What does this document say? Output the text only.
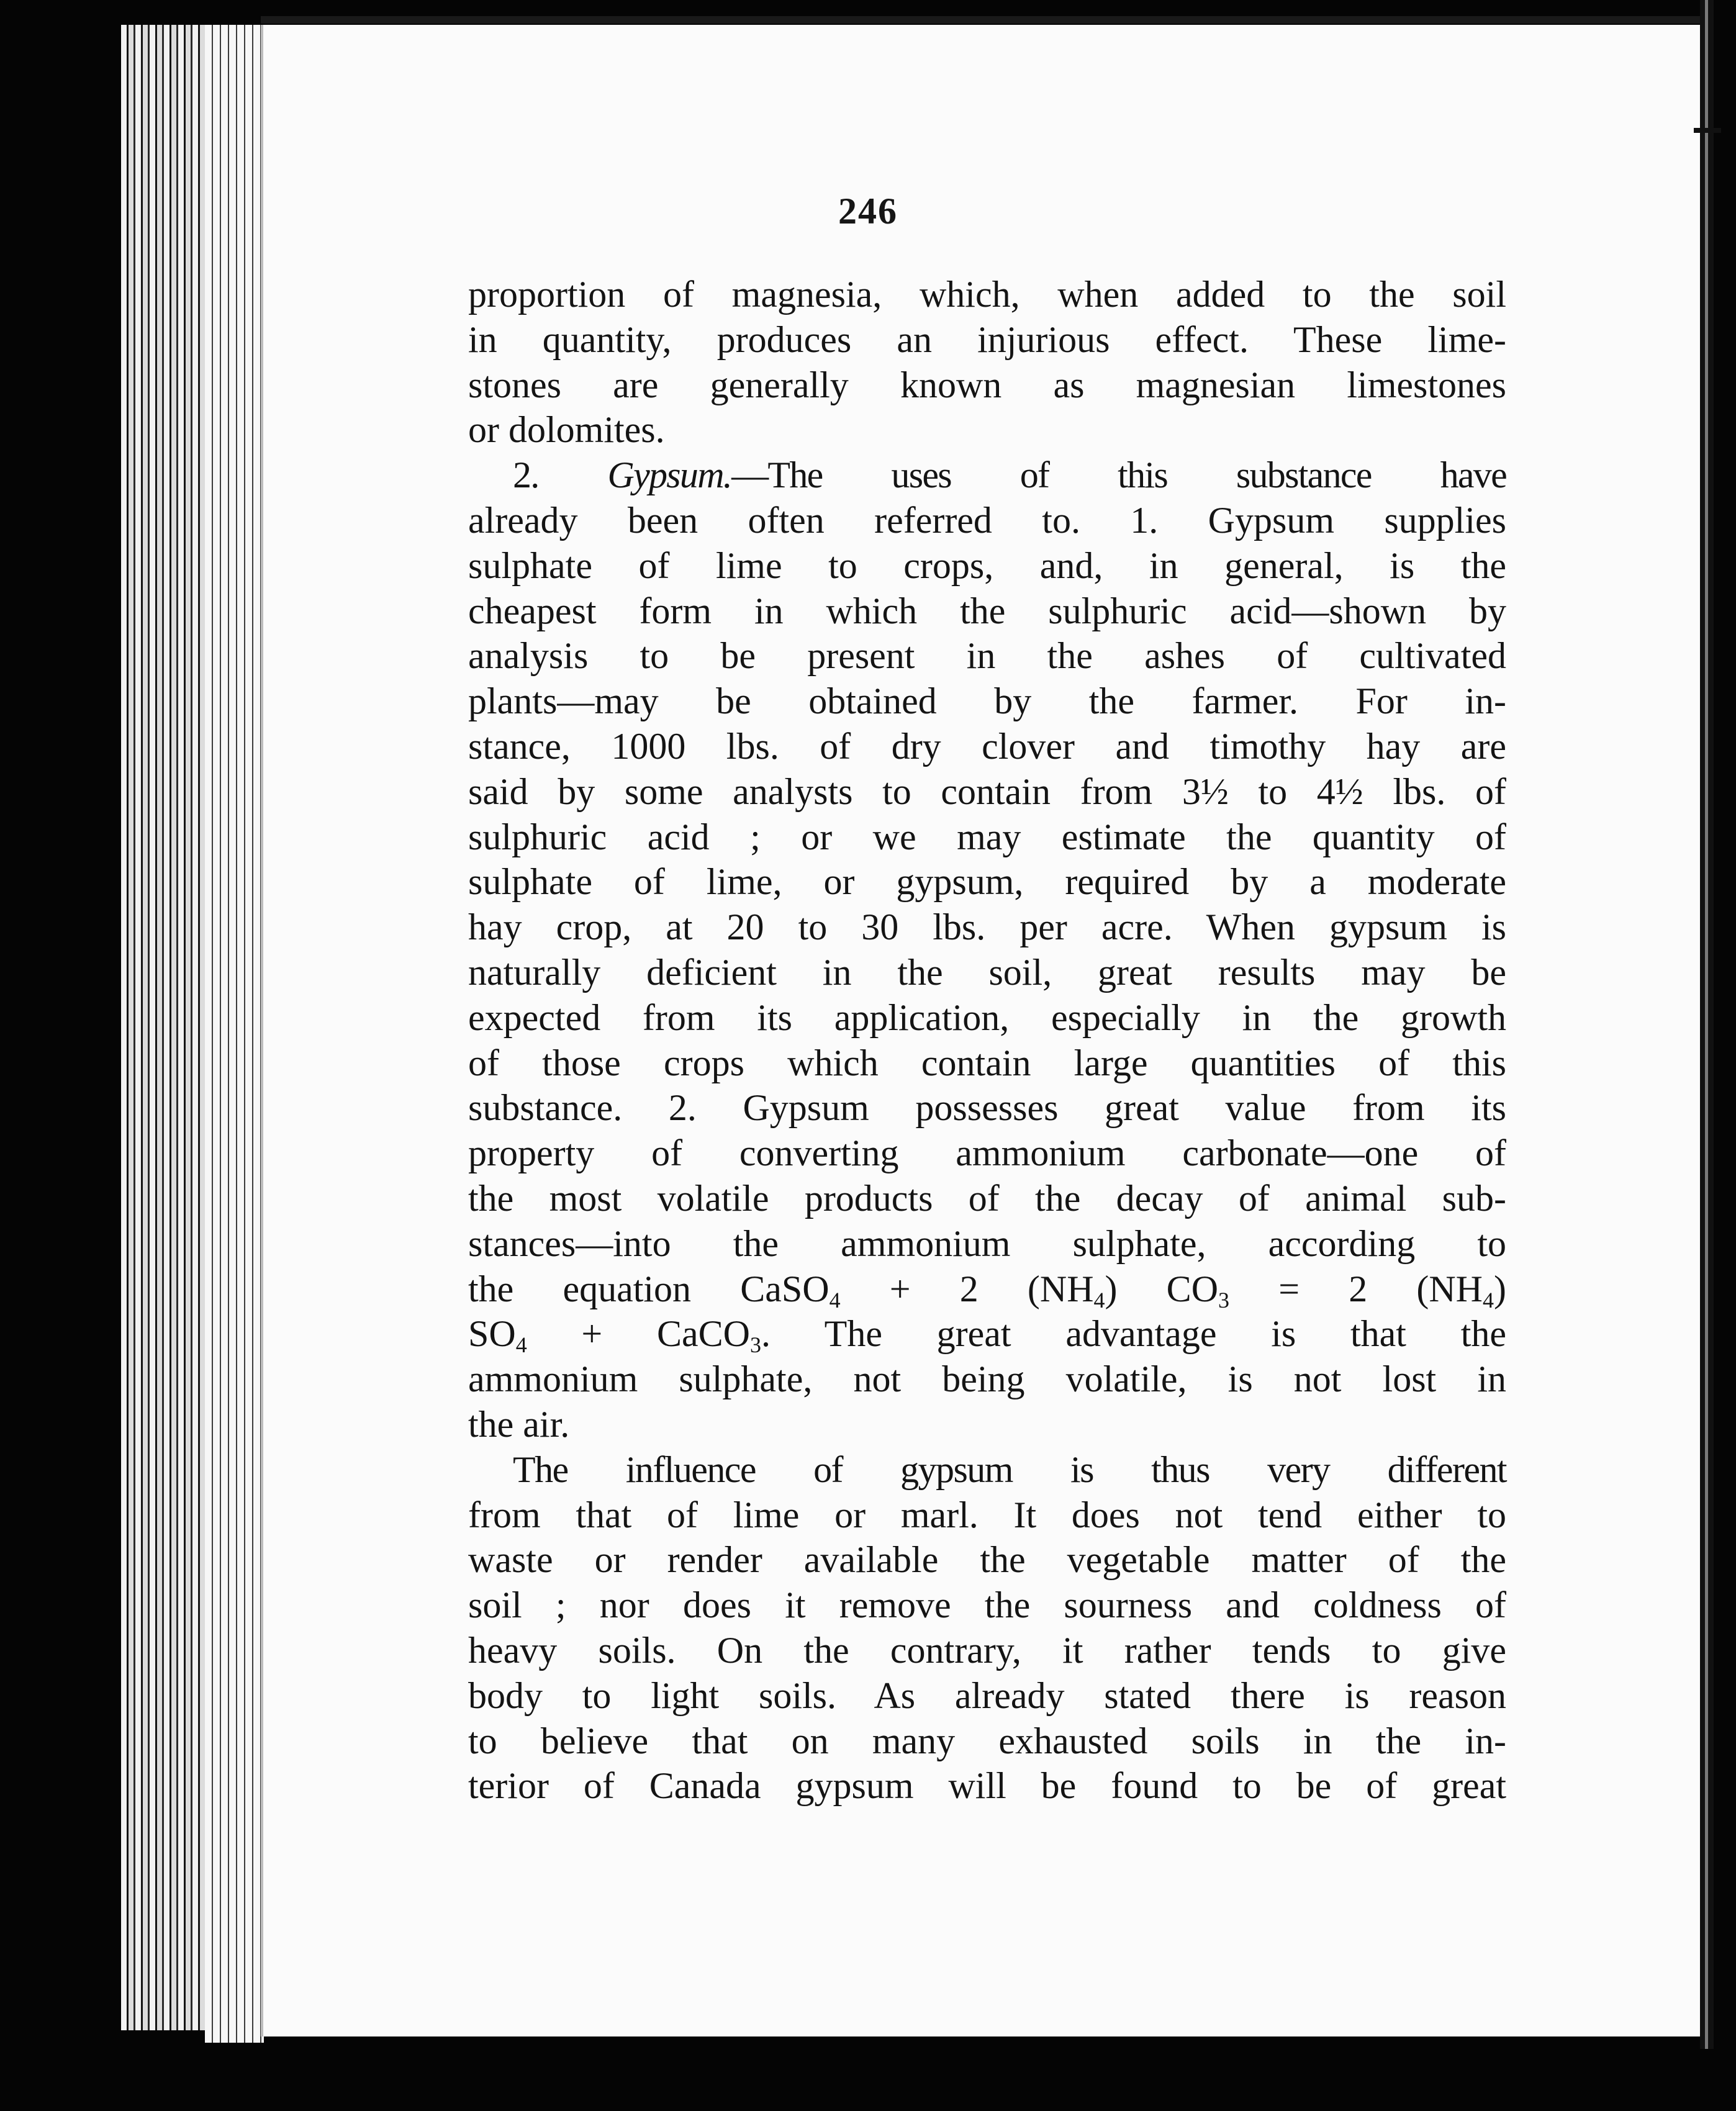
246

proportion of magnesia, which, when added to the soil
in quantity, produces an injurious effect. These lime-
stones are generally known as magnesian limestones
or dolomites.

2. Gypsum.—The uses of this substance have
already been often referred to. 1. Gypsum supplies
sulphate of lime to crops, and, in general, is the
cheapest form in which the sulphuric acid—shown by
analysis to be present in the ashes of cultivated
plants—may be obtained by the farmer. For in-
stance, 1000 lbs. of dry clover and timothy hay are
said by some analysts to contain from 3½ to 4½ lbs. of
sulphuric acid ; or we may estimate the quantity of
sulphate of lime, or gypsum, required by a moderate
hay crop, at 20 to 30 lbs. per acre. When gypsum is
naturally deficient in the soil, great results may be
expected from its application, especially in the growth
of those crops which contain large quantities of this
substance. 2. Gypsum possesses great value from its
property of converting ammonium carbonate—one of
the most volatile products of the decay of animal sub-
stances—into the ammonium sulphate, according to
the equation CaSO$_4$ + 2 $(NH_4) CO_3 = 2$ $(NH_4)$
$SO_4$ + CaCO$_3$. The great advantage is that the
ammonium sulphate, not being volatile, is not lost in
the air.

The influence of gypsum is thus very different
from that of lime or marl. It does not tend either to
waste or render available the vegetable matter of the
soil ; nor does it remove the sourness and coldness of
heavy soils. On the contrary, it rather tends to give
body to light soils. As already stated there is reason
to believe that on many exhausted soils in the in-
terior of Canada gypsum will be found to be of great
